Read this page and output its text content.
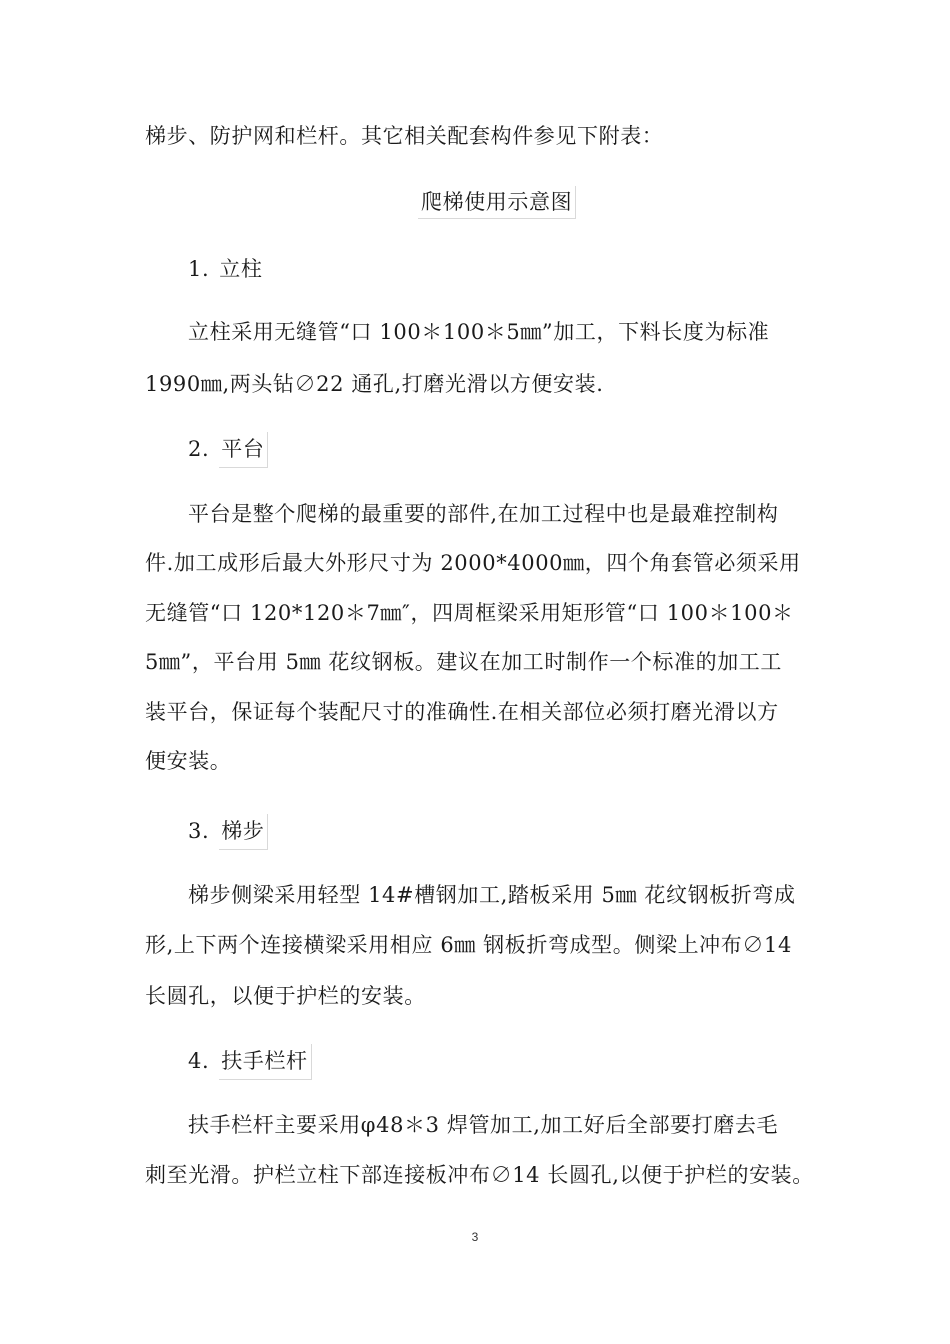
梯步、防护网和栏杆。其它相关配套构件参见下附表：
爬梯使用示意图
1. 立柱
立柱采用无缝管“口 100＊100＊5㎜”加工，下料长度为标准
1990㎜,两头钻∅22 通孔,打磨光滑以方便安装.
2. 平台
平台是整个爬梯的最重要的部件,在加工过程中也是最难控制构
件.加工成形后最大外形尺寸为 2000*4000㎜，四个角套管必须采用
无缝管“口 120*120＊7㎜″，四周框梁采用矩形管“口 100＊100＊
5㎜”，平台用 5㎜ 花纹钢板。建议在加工时制作一个标准的加工工
装平台，保证每个装配尺寸的准确性.在相关部位必须打磨光滑以方
便安装。
3. 梯步
梯步侧梁采用轻型 14#槽钢加工,踏板采用 5㎜ 花纹钢板折弯成
形,上下两个连接横梁采用相应 6㎜ 钢板折弯成型。侧梁上冲布∅14
长圆孔，以便于护栏的安装。
4. 扶手栏杆
扶手栏杆主要采用φ48＊3 焊管加工,加工好后全部要打磨去毛
刺至光滑。护栏立柱下部连接板冲布∅14 长圆孔,以便于护栏的安装。
3
